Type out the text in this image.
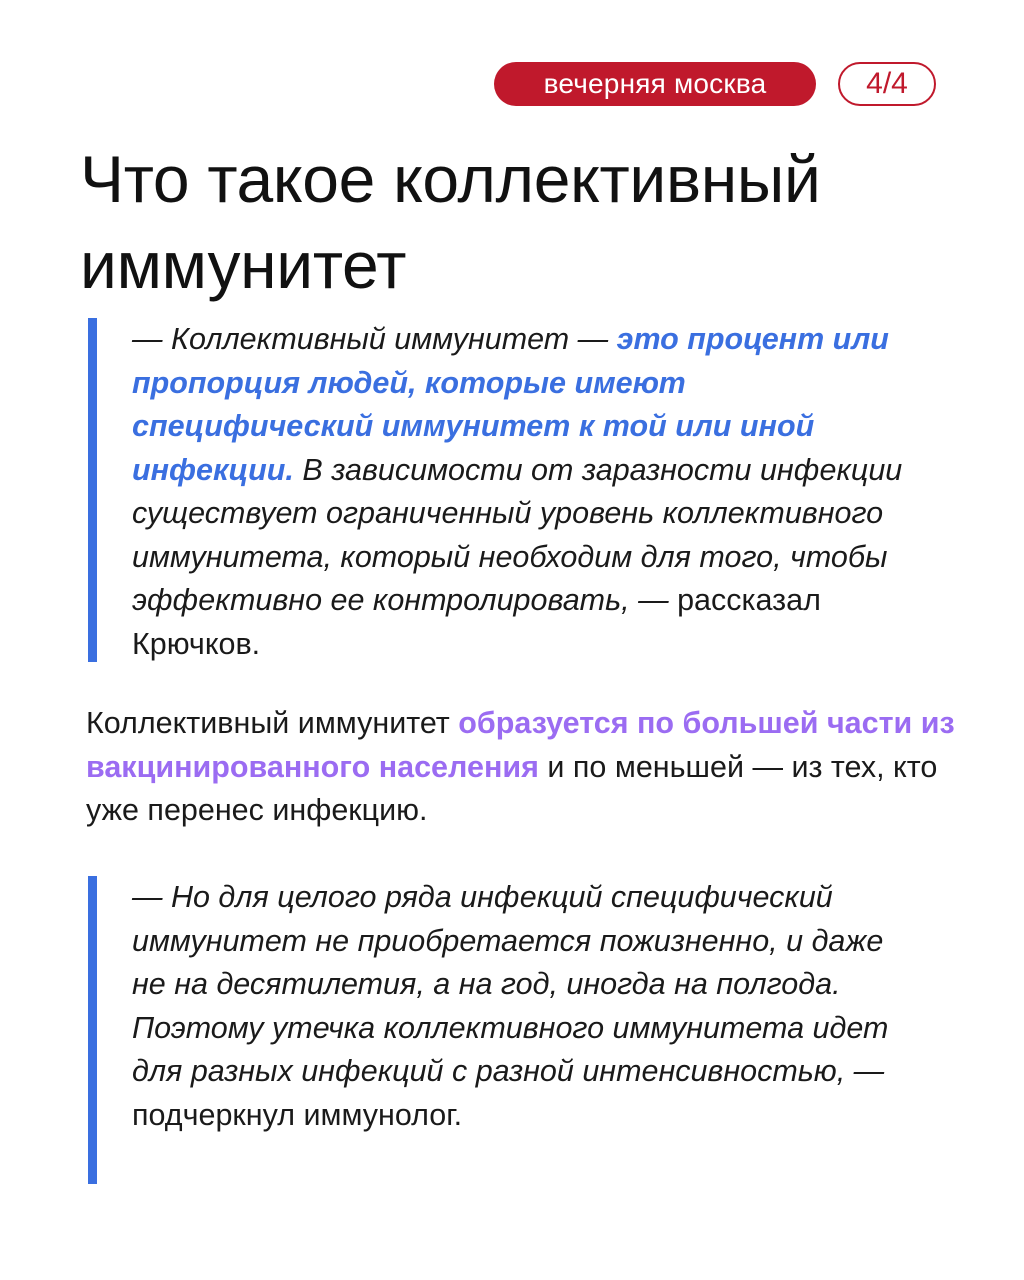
вечерняя москва	4/4
Что такое коллективный
иммунитет
— Коллективный иммунитет — это процент или пропорция людей, которые имеют специфический иммунитет к той или иной инфекции. В зависимости от заразности инфекции существует ограниченный уровень коллективного иммунитета, который необходим для того, чтобы эффективно ее контролировать, — рассказал Крючков.
Коллективный иммунитет образуется по большей части из вакцинированного населения и по меньшей — из тех, кто уже перенес инфекцию.
— Но для целого ряда инфекций специфический иммунитет не приобретается пожизненно, и даже не на десятилетия, а на год, иногда на полгода. Поэтому утечка коллективного иммунитета идет для разных инфекций с разной интенсивностью, —
подчеркнул иммунолог.
